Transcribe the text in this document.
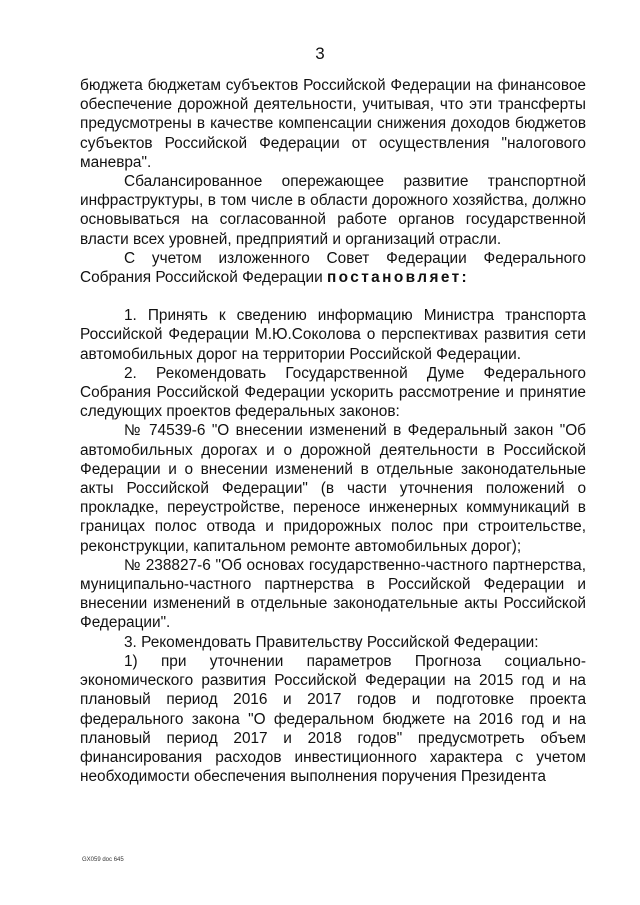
3

бюджета бюджетам субъектов Российской Федерации на финансовое обеспечение дорожной деятельности, учитывая, что эти трансферты предусмотрены в качестве компенсации снижения доходов бюджетов субъектов Российской Федерации от осуществления "налогового маневра".

Сбалансированное опережающее развитие транспортной инфраструктуры, в том числе в области дорожного хозяйства, должно основываться на согласованной работе органов государственной власти всех уровней, предприятий и организаций отрасли.

С учетом изложенного Совет Федерации Федерального Собрания Российской Федерации постановляет:

1. Принять к сведению информацию Министра транспорта Российской Федерации М.Ю.Соколова о перспективах развития сети автомобильных дорог на территории Российской Федерации.

2. Рекомендовать Государственной Думе Федерального Собрания Российской Федерации ускорить рассмотрение и принятие следующих проектов федеральных законов:

№ 74539-6 "О внесении изменений в Федеральный закон "Об автомобильных дорогах и о дорожной деятельности в Российской Федерации и о внесении изменений в отдельные законодательные акты Российской Федерации" (в части уточнения положений о прокладке, переустройстве, переносе инженерных коммуникаций в границах полос отвода и придорожных полос при строительстве, реконструкции, капитальном ремонте автомобильных дорог);

№ 238827-6 "Об основах государственно-частного партнерства, муниципально-частного партнерства в Российской Федерации и внесении изменений в отдельные законодательные акты Российской Федерации".

3. Рекомендовать Правительству Российской Федерации:

1) при уточнении параметров Прогноза социально-экономического развития Российской Федерации на 2015 год и на плановый период 2016 и 2017 годов и подготовке проекта федерального закона "О федеральном бюджете на 2016 год и на плановый период 2017 и 2018 годов" предусмотреть объем финансирования расходов инвестиционного характера с учетом необходимости обеспечения выполнения поручения Президента

GX059 doc 645
